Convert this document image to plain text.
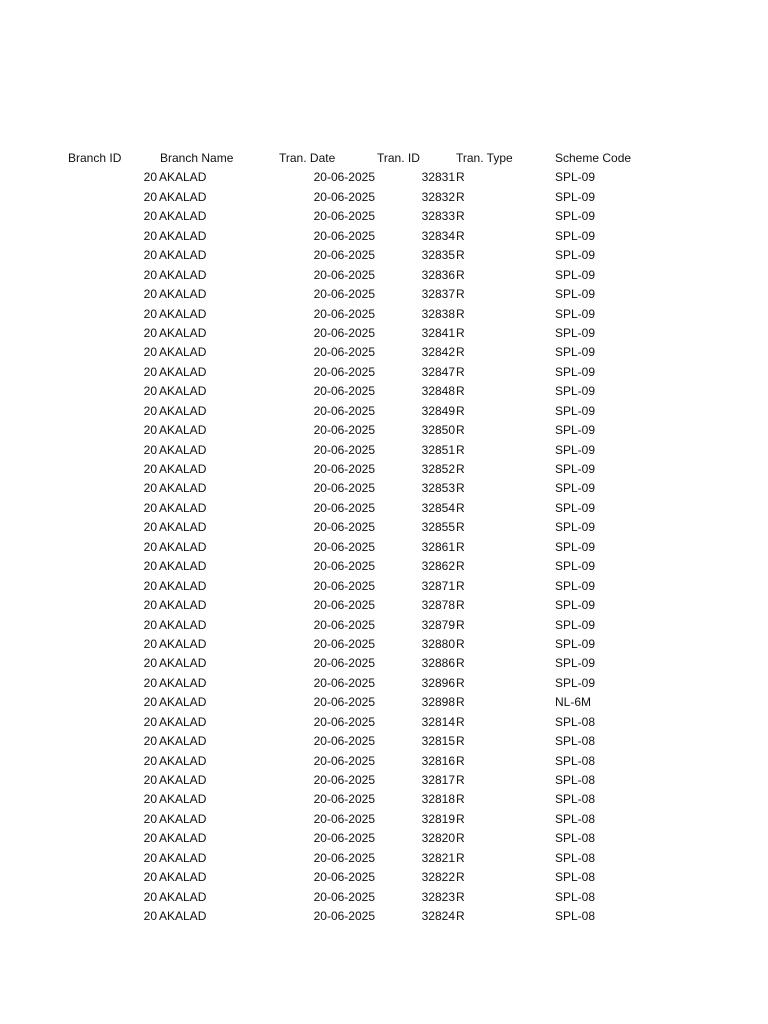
Branch ID	Branch Name	Tran. Date	Tran. ID	Tran. Type	Scheme Code
20 AKALAD	20-06-2025	32831 R	SPL-09
20 AKALAD	20-06-2025	32832 R	SPL-09
20 AKALAD	20-06-2025	32833 R	SPL-09
20 AKALAD	20-06-2025	32834 R	SPL-09
20 AKALAD	20-06-2025	32835 R	SPL-09
20 AKALAD	20-06-2025	32836 R	SPL-09
20 AKALAD	20-06-2025	32837 R	SPL-09
20 AKALAD	20-06-2025	32838 R	SPL-09
20 AKALAD	20-06-2025	32841 R	SPL-09
20 AKALAD	20-06-2025	32842 R	SPL-09
20 AKALAD	20-06-2025	32847 R	SPL-09
20 AKALAD	20-06-2025	32848 R	SPL-09
20 AKALAD	20-06-2025	32849 R	SPL-09
20 AKALAD	20-06-2025	32850 R	SPL-09
20 AKALAD	20-06-2025	32851 R	SPL-09
20 AKALAD	20-06-2025	32852 R	SPL-09
20 AKALAD	20-06-2025	32853 R	SPL-09
20 AKALAD	20-06-2025	32854 R	SPL-09
20 AKALAD	20-06-2025	32855 R	SPL-09
20 AKALAD	20-06-2025	32861 R	SPL-09
20 AKALAD	20-06-2025	32862 R	SPL-09
20 AKALAD	20-06-2025	32871 R	SPL-09
20 AKALAD	20-06-2025	32878 R	SPL-09
20 AKALAD	20-06-2025	32879 R	SPL-09
20 AKALAD	20-06-2025	32880 R	SPL-09
20 AKALAD	20-06-2025	32886 R	SPL-09
20 AKALAD	20-06-2025	32896 R	SPL-09
20 AKALAD	20-06-2025	32898 R	NL-6M
20 AKALAD	20-06-2025	32814 R	SPL-08
20 AKALAD	20-06-2025	32815 R	SPL-08
20 AKALAD	20-06-2025	32816 R	SPL-08
20 AKALAD	20-06-2025	32817 R	SPL-08
20 AKALAD	20-06-2025	32818 R	SPL-08
20 AKALAD	20-06-2025	32819 R	SPL-08
20 AKALAD	20-06-2025	32820 R	SPL-08
20 AKALAD	20-06-2025	32821 R	SPL-08
20 AKALAD	20-06-2025	32822 R	SPL-08
20 AKALAD	20-06-2025	32823 R	SPL-08
20 AKALAD	20-06-2025	32824 R	SPL-08
